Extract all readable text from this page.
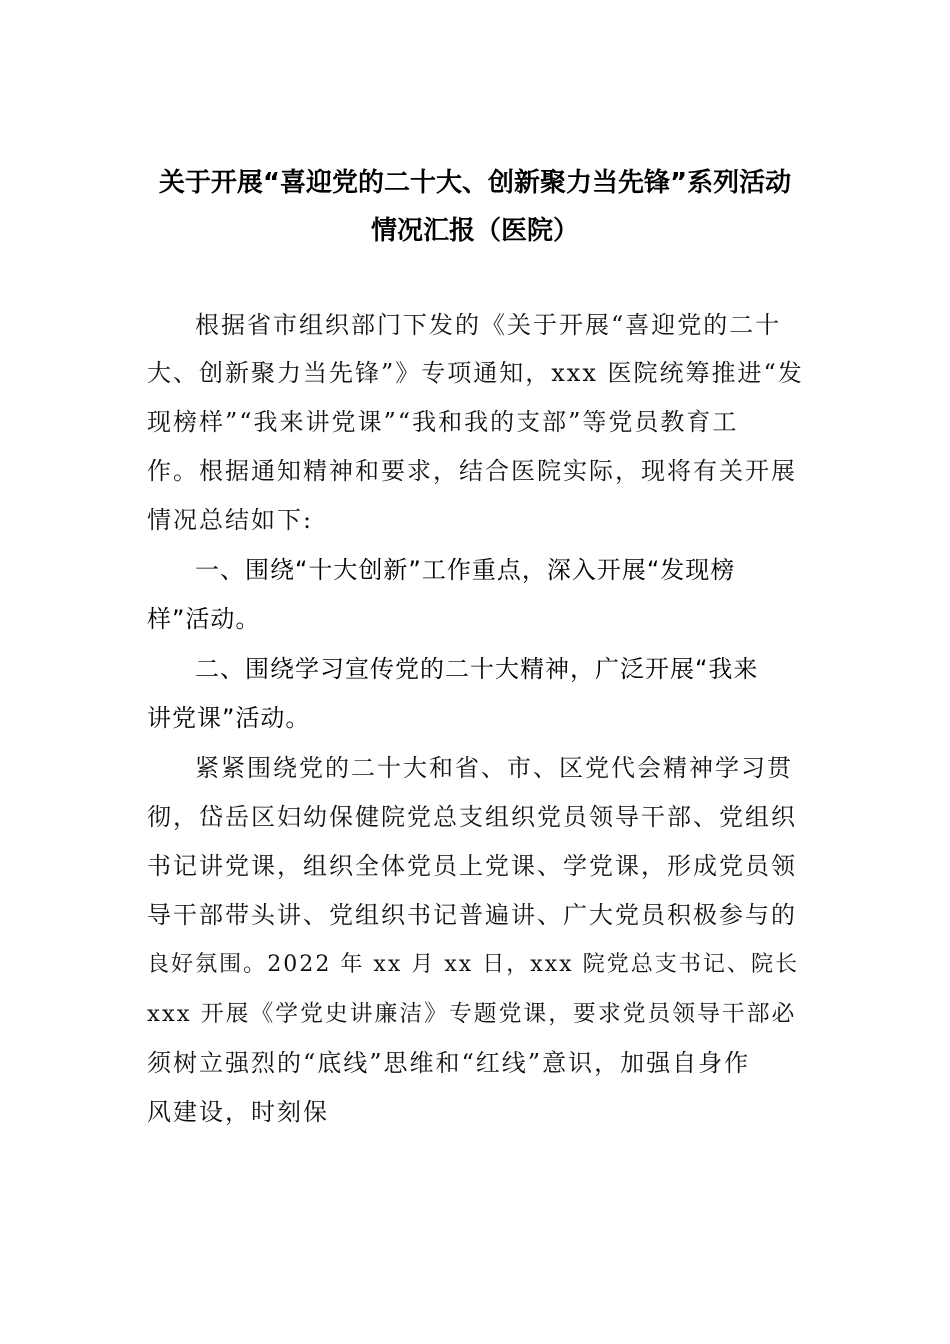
关于开展“喜迎党的二十大、创新聚力当先锋”系列活动
情况汇报（医院）
根据省市组织部门下发的《关于开展“喜迎党的二十
大、创新聚力当先锋”》专项通知，xxx 医院统筹推进“发
现榜样”“我来讲党课”“我和我的支部”等党员教育工
作。根据通知精神和要求，结合医院实际，现将有关开展
情况总结如下:
一、围绕“十大创新”工作重点，深入开展“发现榜
样”活动。
二、围绕学习宣传党的二十大精神，广泛开展“我来
讲党课”活动。
紧紧围绕党的二十大和省、市、区党代会精神学习贯
彻，岱岳区妇幼保健院党总支组织党员领导干部、党组织
书记讲党课，组织全体党员上党课、学党课，形成党员领
导干部带头讲、党组织书记普遍讲、广大党员积极参与的
良好氛围。2022 年 xx 月 xx 日，xxx 院党总支书记、院长
xxx 开展《学党史讲廉洁》专题党课，要求党员领导干部必
须树立强烈的“底线”思维和“红线”意识，加强自身作
风建设，时刻保
